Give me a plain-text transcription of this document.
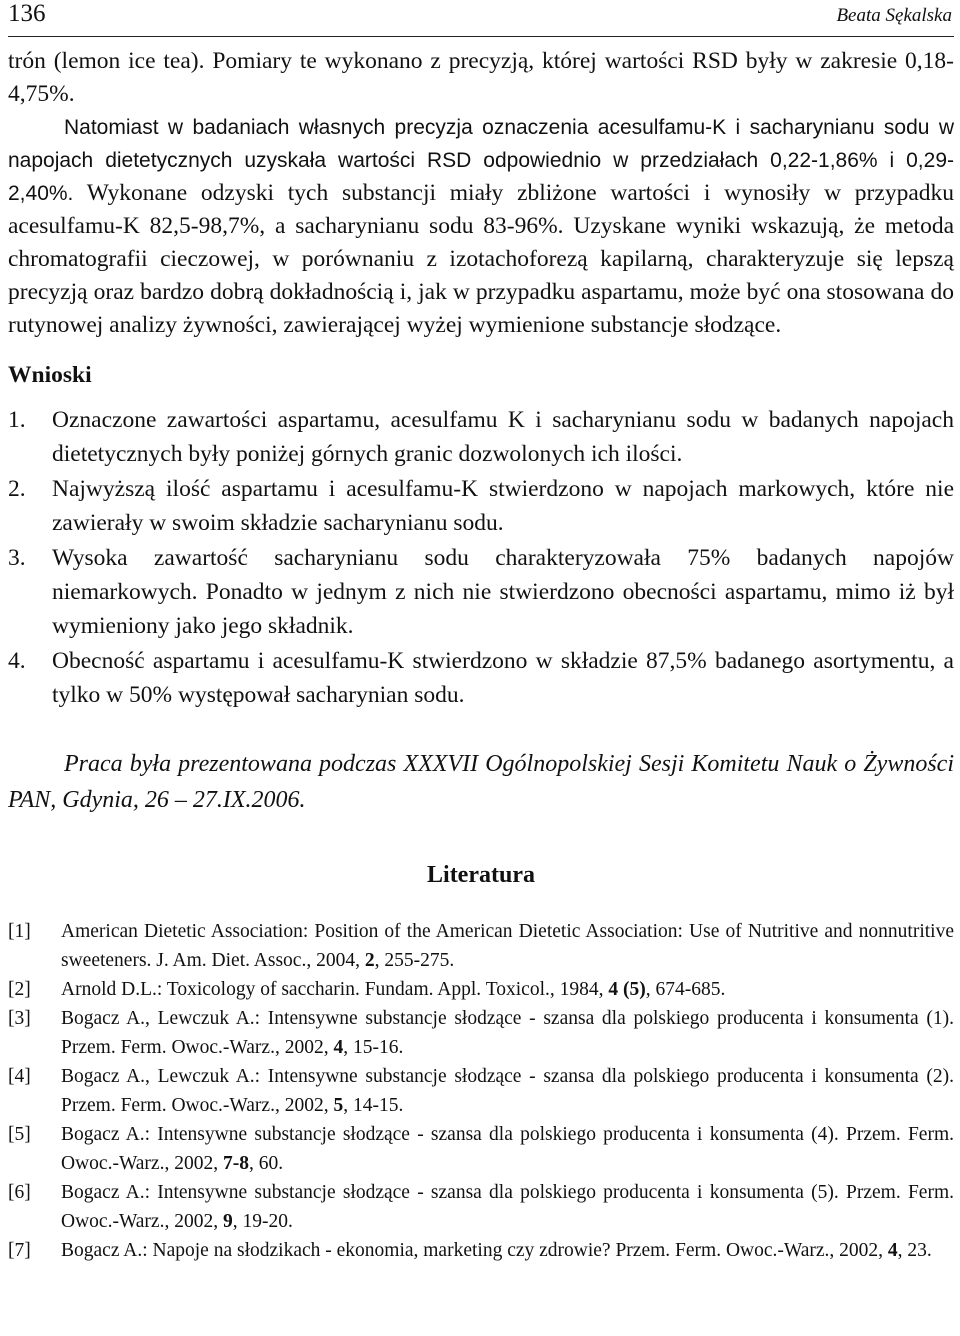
136	Beata Sękalska

trón (lemon ice tea). Pomiary te wykonano z precyzją, której wartości RSD były w zakresie 0,18-4,75%.

Natomiast w badaniach własnych precyzja oznaczenia acesulfamu-K i sacharynianu sodu w napojach dietetycznych uzyskała wartości RSD odpowiednio w przedziałach 0,22-1,86% i 0,29-2,40%. Wykonane odzyski tych substancji miały zbliżone wartości i wynosiły w przypadku acesulfamu-K 82,5-98,7%, a sacharynianu sodu 83-96%. Uzyskane wyniki wskazują, że metoda chromatografii cieczowej, w porównaniu z izotachoforezą kapilarną, charakteryzuje się lepszą precyzją oraz bardzo dobrą dokładnością i, jak w przypadku aspartamu, może być ona stosowana do rutynowej analizy żywności, zawierającej wyżej wymienione substancje słodzące.

Wnioski
1. Oznaczone zawartości aspartamu, acesulfamu K i sacharynianu sodu w badanych napojach dietetycznych były poniżej górnych granic dozwolonych ich ilości.
2. Najwyższą ilość aspartamu i acesulfamu-K stwierdzono w napojach markowych, które nie zawierały w swoim składzie sacharynianu sodu.
3. Wysoka zawartość sacharynianu sodu charakteryzowała 75% badanych napojów niemarkowych. Ponadto w jednym z nich nie stwierdzono obecności aspartamu, mimo iż był wymieniony jako jego składnik.
4. Obecność aspartamu i acesulfamu-K stwierdzono w składzie 87,5% badanego asortymentu, a tylko w 50% występował sacharynian sodu.

Praca była prezentowana podczas XXXVII Ogólnopolskiej Sesji Komitetu Nauk o Żywności PAN, Gdynia, 26 – 27.IX.2006.

Literatura
[1] American Dietetic Association: Position of the American Dietetic Association: Use of Nutritive and nonnutritive sweeteners. J. Am. Diet. Assoc., 2004, 2, 255-275.
[2] Arnold D.L.: Toxicology of saccharin. Fundam. Appl. Toxicol., 1984, 4 (5), 674-685.
[3] Bogacz A., Lewczuk A.: Intensywne substancje słodzące - szansa dla polskiego producenta i konsumenta (1). Przem. Ferm. Owoc.-Warz., 2002, 4, 15-16.
[4] Bogacz A., Lewczuk A.: Intensywne substancje słodzące - szansa dla polskiego producenta i konsumenta (2). Przem. Ferm. Owoc.-Warz., 2002, 5, 14-15.
[5] Bogacz A.: Intensywne substancje słodzące - szansa dla polskiego producenta i konsumenta (4). Przem. Ferm. Owoc.-Warz., 2002, 7-8, 60.
[6] Bogacz A.: Intensywne substancje słodzące - szansa dla polskiego producenta i konsumenta (5). Przem. Ferm. Owoc.-Warz., 2002, 9, 19-20.
[7] Bogacz A.: Napoje na słodzikach - ekonomia, marketing czy zdrowie? Przem. Ferm. Owoc.-Warz., 2002, 4, 23.
